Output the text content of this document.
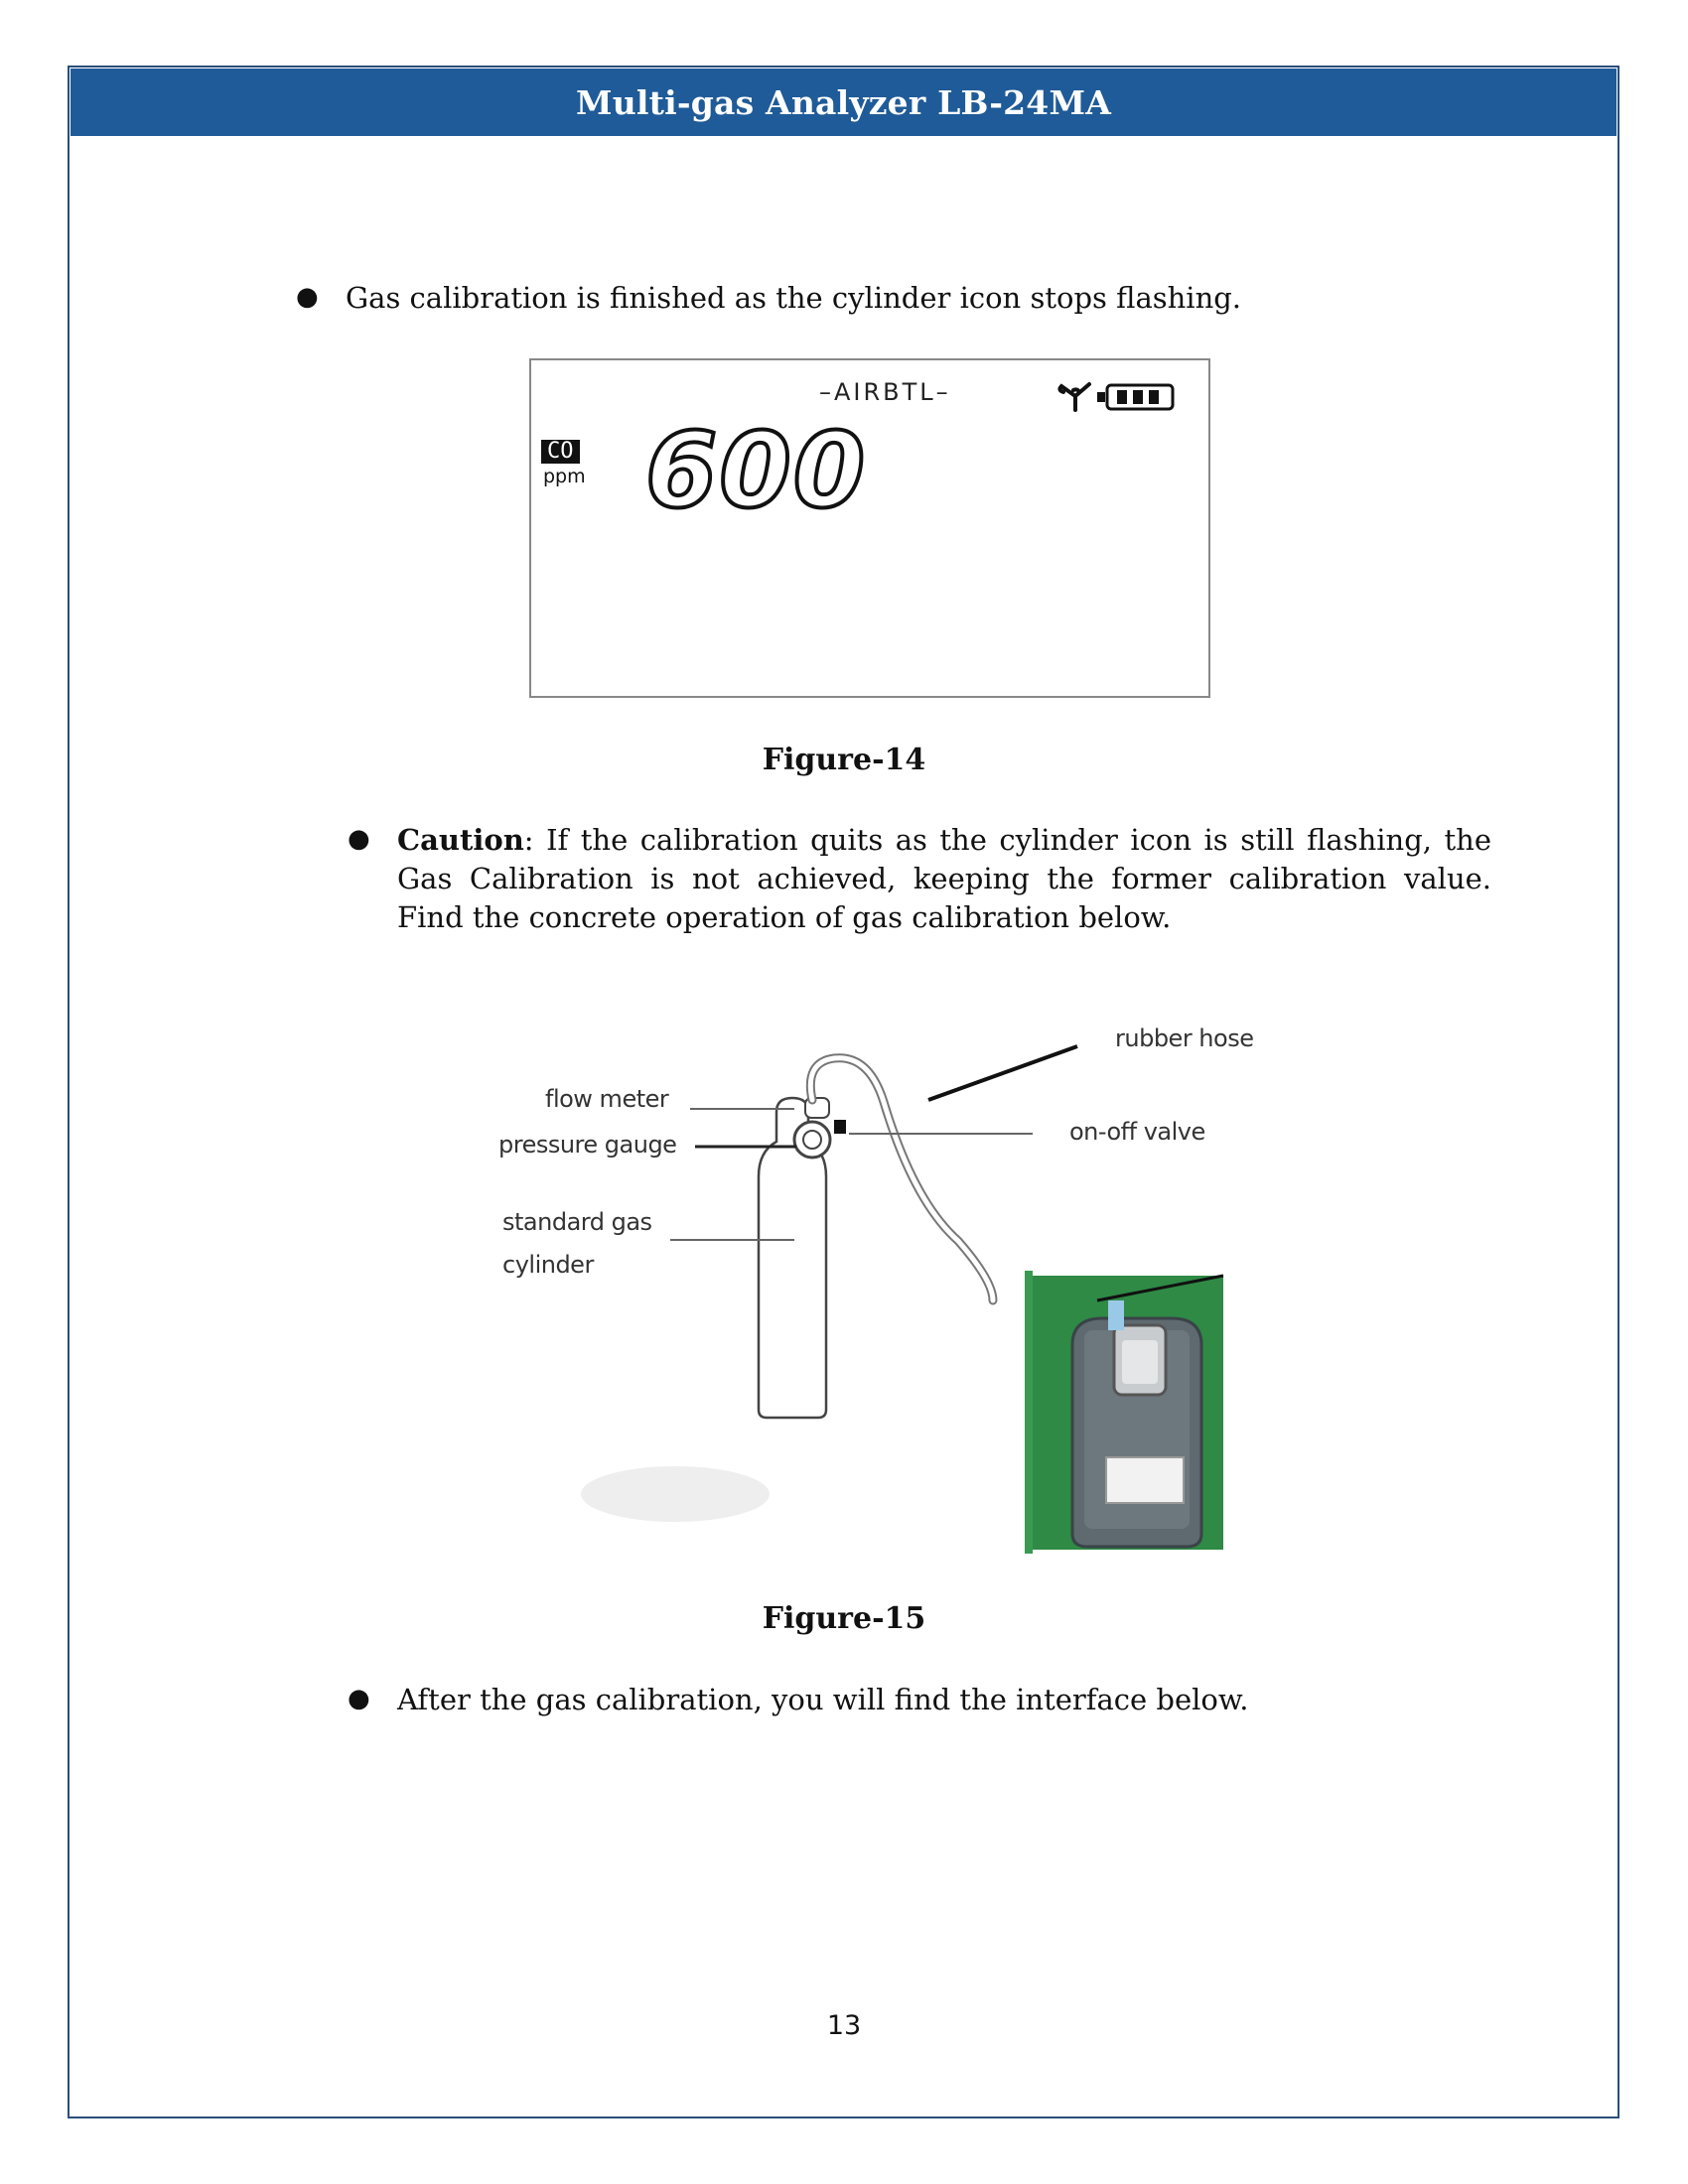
Multi-gas Analyzer LB-24MA
● Gas calibration is finished as the cylinder icon stops flashing.
–AIRBTL–
CO
ppm 600
Figure-14
● Caution: If the calibration quits as the cylinder icon is still flashing, the Gas Calibration is not achieved, keeping the former calibration value. Find the concrete operation of gas calibration below.
rubber hose
flow meter
on-off valve
pressure gauge
standard gas
cylinder
Figure-15
● After the gas calibration, you will find the interface below.
13
